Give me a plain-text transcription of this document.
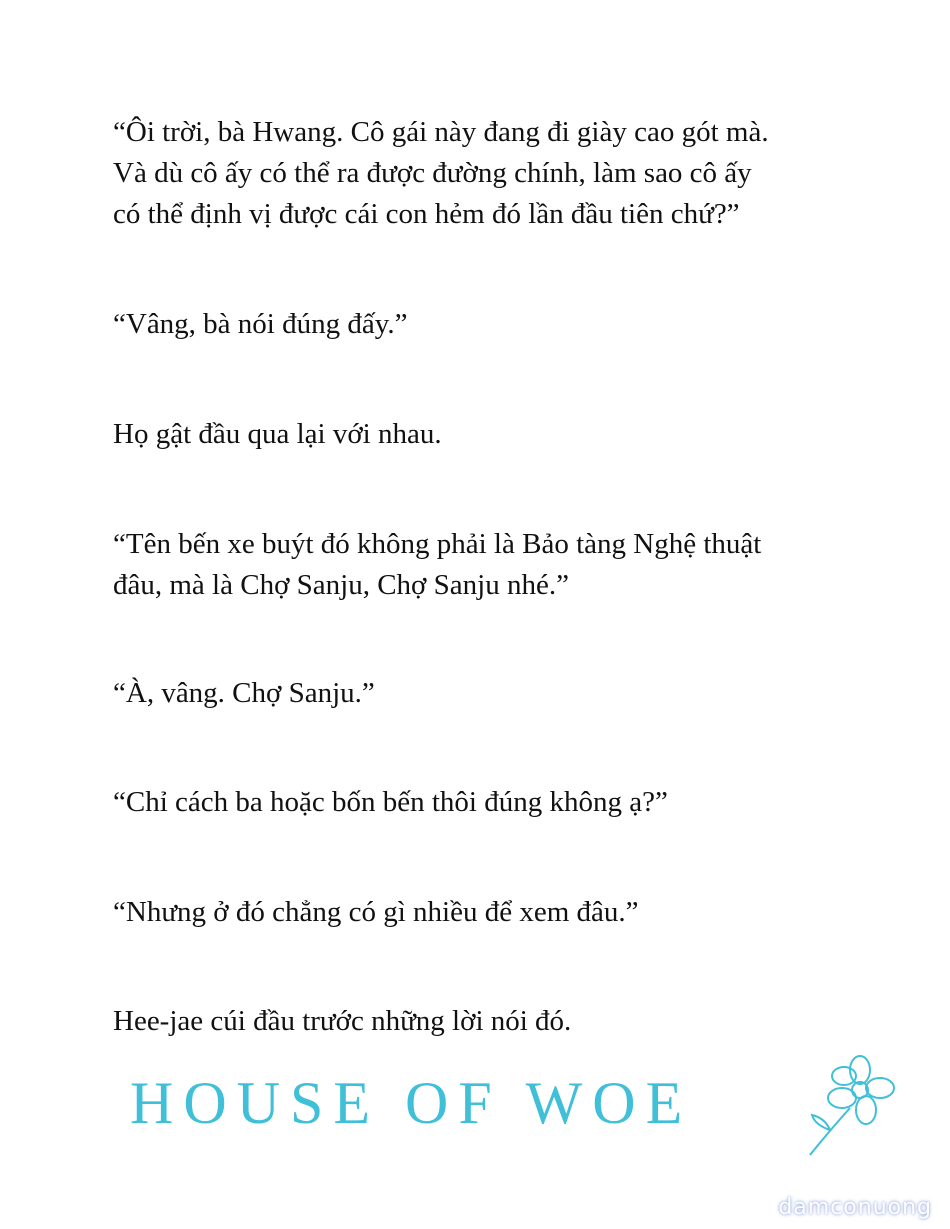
“Ôi trời, bà Hwang. Cô gái này đang đi giày cao gót mà.
Và dù cô ấy có thể ra được đường chính, làm sao cô ấy
có thể định vị được cái con hẻm đó lần đầu tiên chứ?”
“Vâng, bà nói đúng đấy.”
Họ gật đầu qua lại với nhau.
“Tên bến xe buýt đó không phải là Bảo tàng Nghệ thuật
đâu, mà là Chợ Sanju, Chợ Sanju nhé.”
“À, vâng. Chợ Sanju.”
“Chỉ cách ba hoặc bốn bến thôi đúng không ạ?”
“Nhưng ở đó chẳng có gì nhiều để xem đâu.”
Hee-jae cúi đầu trước những lời nói đó.
HOUSE OF WOE
damconuong
